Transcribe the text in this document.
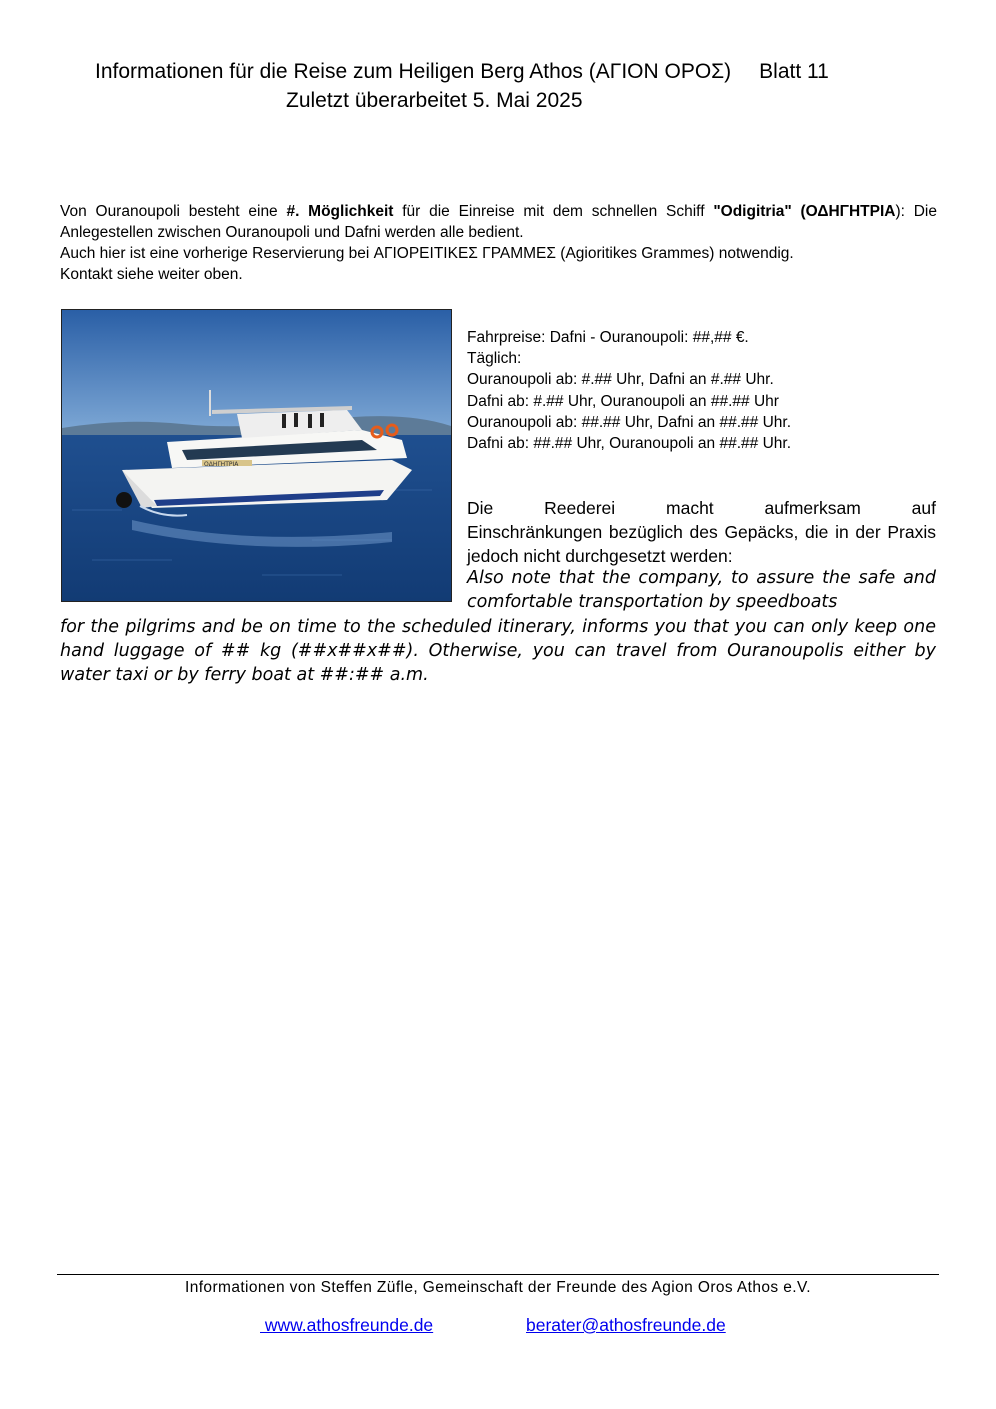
Informationen für die Reise zum Heiligen Berg Athos (ΑΓΙΟΝ ΟΡΟΣ) Blatt 11
Zuletzt überarbeitet 5. Mai 2025

Von Ouranoupoli besteht eine #. Möglichkeit für die Einreise mit dem schnellen Schiff "Odigitria" (ΟΔΗΓΗΤΡΙΑ): Die Anlegestellen zwischen Ouranoupoli und Dafni werden alle bedient.

Auch hier ist eine vorherige Reservierung bei ΑΓΙΟΡΕΙΤΙΚΕΣ ΓΡΑΜΜΕΣ (Agioritikes Grammes) notwendig.

Kontakt siehe weiter oben.

ΟΔΗΓΗΤΡΙΑ
Fahrpreise: Dafni - Ouranoupoli: ##,## €.
Täglich:
Ouranoupoli ab: #.## Uhr, Dafni an #.## Uhr.
Dafni ab: #.## Uhr, Ouranoupoli an ##.## Uhr
Ouranoupoli ab: ##.## Uhr, Dafni an ##.## Uhr.
Dafni ab: ##.## Uhr, Ouranoupoli an ##.## Uhr.

Die Reederei macht aufmerksam auf

Einschränkungen bezüglich des Gepäcks, die in der Praxis jedoch nicht durchgesetzt werden:

Also note that the company, to assure the safe and comfortable transportation by speedboats

for the pilgrims and be on time to the scheduled itinerary, informs you that you can only keep one hand luggage of ## kg (##x##x##). Otherwise, you can travel from Ouranoupolis either by water taxi or by ferry boat at ##:## a.m.

Informationen von Steffen Züfle, Gemeinschaft der Freunde des Agion Oros Athos e.V.
www.athosfreunde.de	berater@athosfreunde.de
